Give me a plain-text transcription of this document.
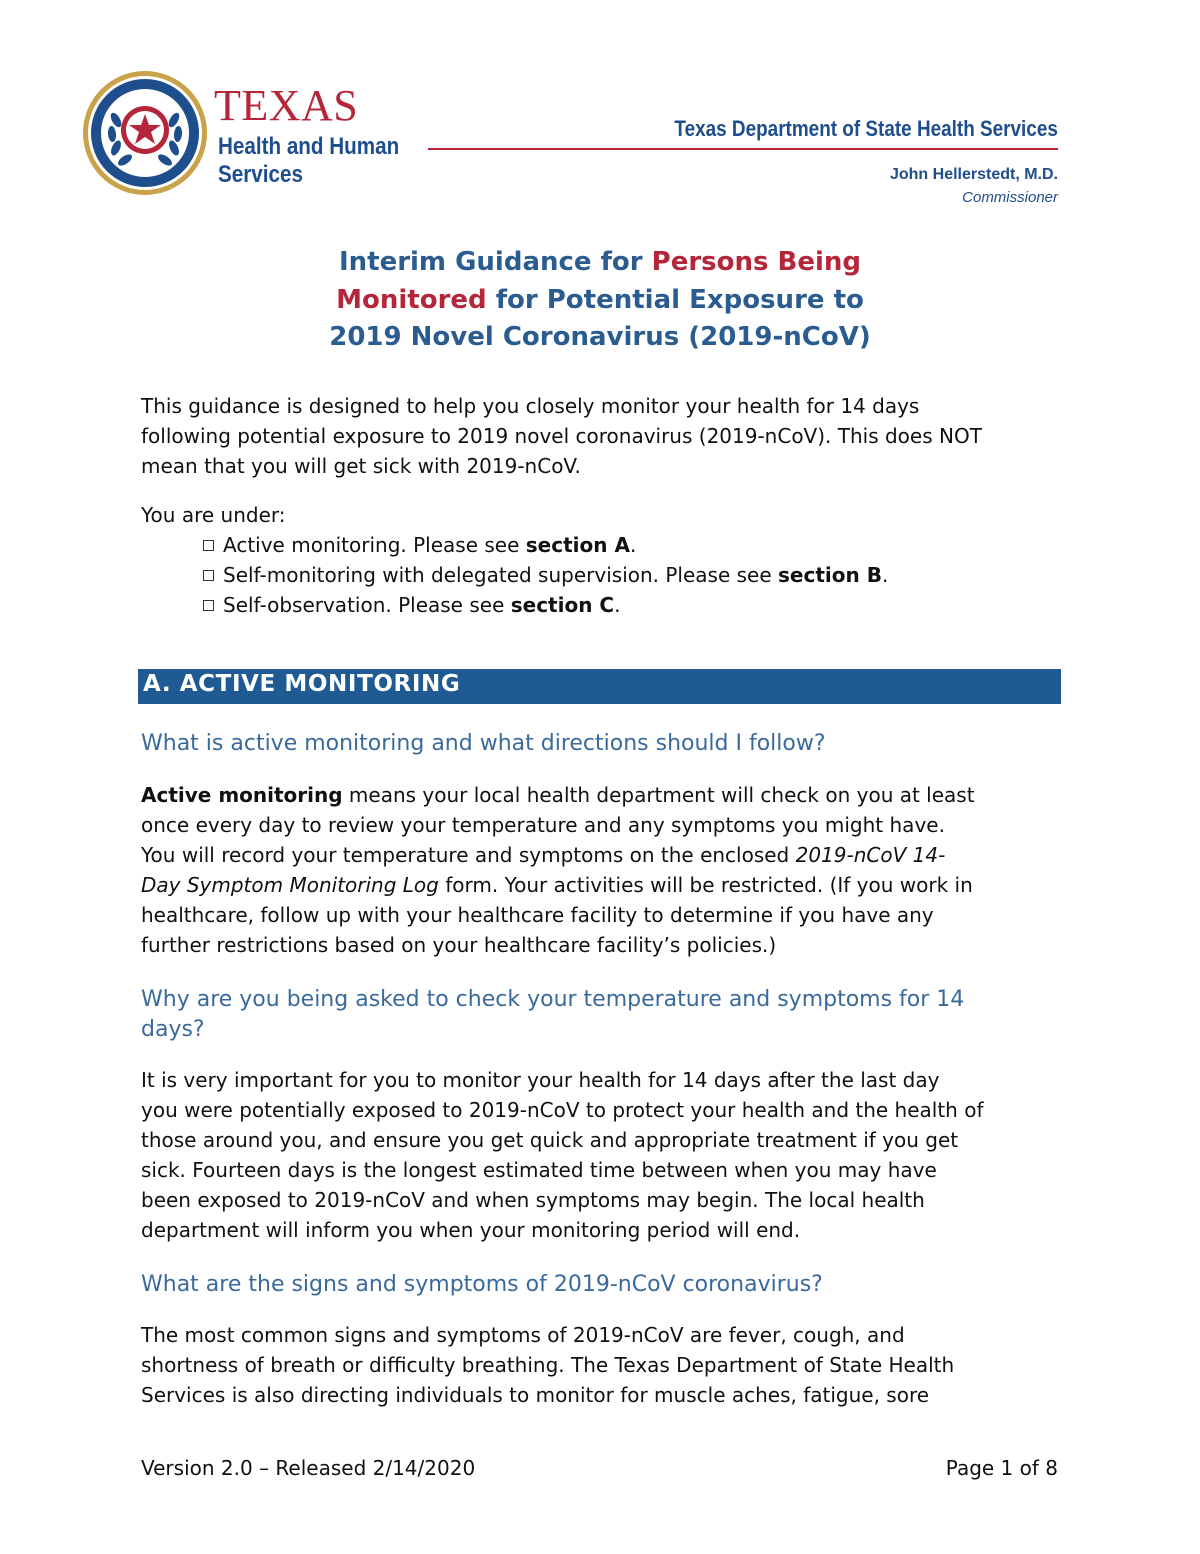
TEXAS
Health and Human
Services
Texas Department of State Health Services
John Hellerstedt, M.D.
Commissioner
Interim Guidance for Persons Being
Monitored for Potential Exposure to
2019 Novel Coronavirus (2019-nCoV)
This guidance is designed to help you closely monitor your health for 14 days
following potential exposure to 2019 novel coronavirus (2019-nCoV). This does NOT
mean that you will get sick with 2019-nCoV.
You are under:
Active monitoring. Please see section A.
Self-monitoring with delegated supervision. Please see section B.
Self-observation. Please see section C.
A. ACTIVE MONITORING
What is active monitoring and what directions should I follow?
Active monitoring means your local health department will check on you at least
once every day to review your temperature and any symptoms you might have.
You will record your temperature and symptoms on the enclosed 2019-nCoV 14-
Day Symptom Monitoring Log form. Your activities will be restricted. (If you work in
healthcare, follow up with your healthcare facility to determine if you have any
further restrictions based on your healthcare facility’s policies.)
Why are you being asked to check your temperature and symptoms for 14
days?
It is very important for you to monitor your health for 14 days after the last day
you were potentially exposed to 2019-nCoV to protect your health and the health of
those around you, and ensure you get quick and appropriate treatment if you get
sick. Fourteen days is the longest estimated time between when you may have
been exposed to 2019-nCoV and when symptoms may begin. The local health
department will inform you when your monitoring period will end.
What are the signs and symptoms of 2019-nCoV coronavirus?
The most common signs and symptoms of 2019-nCoV are fever, cough, and
shortness of breath or difficulty breathing. The Texas Department of State Health
Services is also directing individuals to monitor for muscle aches, fatigue, sore
Version 2.0 – Released 2/14/2020	Page 1 of 8
